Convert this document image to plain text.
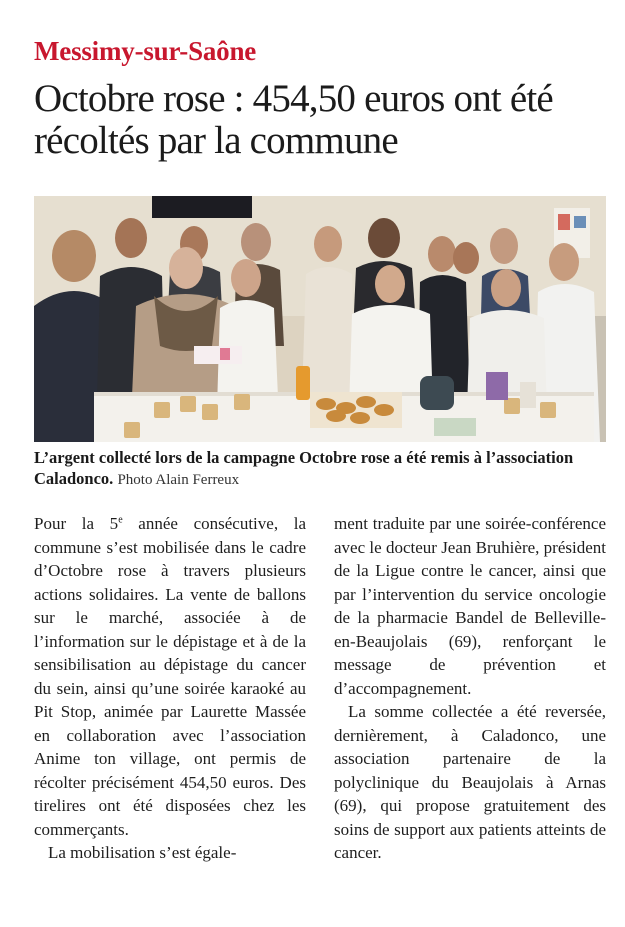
Messimy-sur-Saône
Octobre rose : 454,50 euros ont été récoltés par la commune
L’argent collecté lors de la campagne Octobre rose a été remis à l’association Caladonco. Photo Alain Ferreux

Pour la 5e année consécutive, la commune s’est mobilisée dans le cadre d’Octobre rose à travers plusieurs actions solidaires. La vente de ballons sur le marché, associée à de l’information sur le dépistage et à de la sensibilisation au dépistage du cancer du sein, ainsi qu’une soirée karaoké au Pit Stop, animée par Laurette Massée en collaboration avec l’association Anime ton village, ont permis de récolter précisément 454,50 euros. Des tirelires ont été disposées chez les commerçants.

La mobilisation s’est égale-

ment traduite par une soirée-conférence avec le docteur Jean Bruhière, président de la Ligue contre le cancer, ainsi que par l’intervention du service oncologie de la pharmacie Bandel de Belleville-en-Beaujolais (69), renforçant le message de prévention et d’accompagnement.

La somme collectée a été reversée, dernièrement, à Caladonco, une association partenaire de la polyclinique du Beaujolais à Arnas (69), qui propose gratuitement des soins de support aux patients atteints de cancer.
